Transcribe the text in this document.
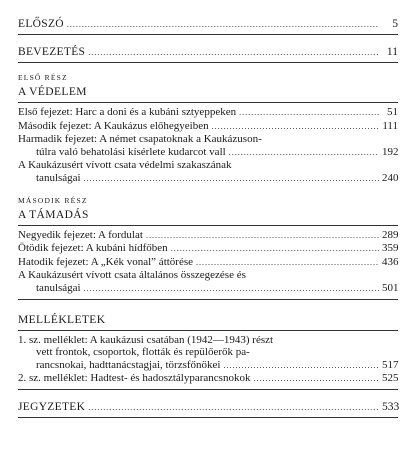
ELŐSZÓ .....	5
BEVEZETÉS .....	11
ELSŐ RÉSZ
A VÉDELEM
Első fejezet: Harc a doni és a kubáni sztyeppeken .....	51
Második fejezet: A Kaukázus előhegyeiben .....	111
Harmadik fejezet: A német csapatoknak a Kaukázuson-
túlra való behatolási kísérlete kudarcot vall .....	192
A Kaukázusért vívott csata védelmi szakaszának
tanulságai .....	240
MÁSODIK RÉSZ
A TÁMADÁS
Negyedik fejezet: A fordulat .....	289
Ötödik fejezet: A kubáni hídfőben .....	359
Hatodik fejezet: A „Kék vonal” áttörése .....	436
A Kaukázusért vívott csata általános összegezése és
tanulságai .....	501
MELLÉKLETEK
1. sz. melléklet: A kaukázusi csatában (1942—1943) részt
vett frontok, csoportok, flották és repülőerők pa-
rancsnokai, hadttanácstagjai, törzsfőnökei .....	517
2. sz. melléklet: Hadtest- és hadosztályparancsnokok .....	525
JEGYZETEK .....	533
